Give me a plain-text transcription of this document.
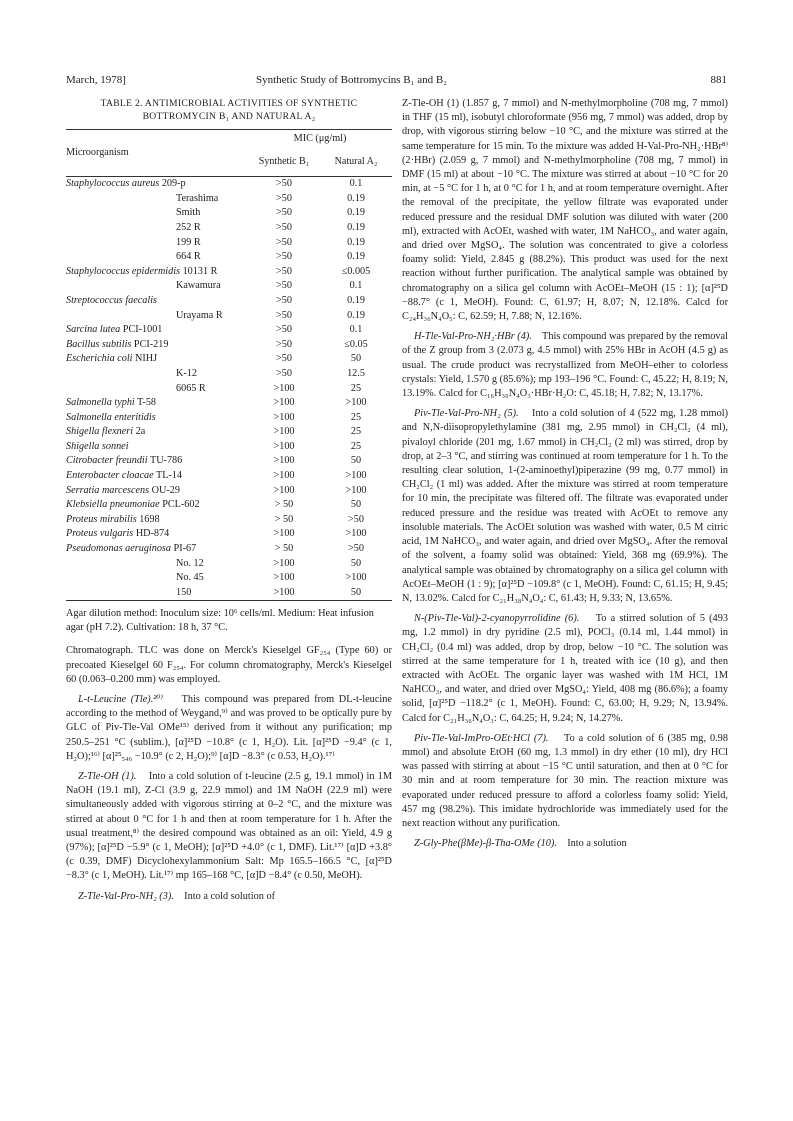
March, 1978]	Synthetic Study of Bottromycins B₁ and B₂	881
TABLE 2. ANTIMICROBIAL ACTIVITIES OF SYNTHETIC
BOTTROMYCIN B₁ AND NATURAL A₂
Microorganism	MIC (μg/ml)	
	Synthetic B₁	Natural A₂
Staphylococcus aureus 209-p	>50	0.1
Terashima	>50	0.19
Smith	>50	0.19
252 R	>50	0.19
199 R	>50	0.19
664 R	>50	0.19
Staphylococcus epidermidis 10131 R	>50	≤0.005
Kawamura	>50	0.1
Streptococcus faecalis	>50	0.19
Urayama R	>50	0.19
Sarcina lutea PCI-1001	>50	0.1
Bacillus subtilis PCI-219	>50	≤0.05
Escherichia coli NIHJ	>50	50
K-12	>50	12.5
6065 R	>100	25
Salmonella typhi T-58	>100	>100
Salmonella enteritidis	>100	25
Shigella flexneri 2a	>100	25
Shigella sonnei	>100	25
Citrobacter freundii TU-786	>100	50
Enterobacter cloacae TL-14	>100	>100
Serratia marcescens OU-29	>100	>100
Klebsiella pneumoniae PCL-602	> 50	50
Proteus mirabilis 1698	> 50	>50
Proteus vulgaris HD-874	>100	>100
Pseudomonas aeruginosa PI-67	> 50	>50
No. 12	>100	50
No. 45	>100	>100
150	>100	50
Agar dilution method: Inoculum size: 10⁶ cells/ml. Medium: Heat infusion agar (pH 7.2). Cultivation: 18 h, 37 °C.

Chromatograph. TLC was done on Merck's Kieselgel GF₂₅₄ (Type 60) or precoated Kieselgel 60 F₂₅₄. For column chromatography, Merck's Kieselgel 60 (0.063–0.200 mm) was employed.

L-t-Leucine (Tle).²⁰⁾ This compound was prepared from DL-t-leucine according to the method of Weygand,⁹⁾ and was proved to be optically pure by GLC of Piv-Tle-Val OMe¹⁵⁾ derived from it without any purification; mp 250.5–251 °C (sublim.), [α]²⁵D −10.8° (c 1, H₂O). Lit. [α]²⁵D −9.4° (c 1, H₂O);¹⁶⁾ [α]²⁵₅₄₆ −10.9° (c 2, H₂O);⁹⁾ [α]D −8.3° (c 0.53, H₂O).¹⁷⁾

Z-Tle-OH (1). Into a cold solution of t-leucine (2.5 g, 19.1 mmol) in 1M NaOH (19.1 ml), Z-Cl (3.9 g, 22.9 mmol) and 1M NaOH (22.9 ml) were simultaneously added with vigorous stirring at 0–2 °C, and the mixture was stirred at about 0 °C for 1 h and then at room temperature for 1 h. After the usual treatment,⁸⁾ the desired compound was obtained as an oil: Yield, 4.9 g (97%); [α]²⁵D −5.9° (c 1, MeOH); [α]²⁵D +4.0° (c 1, DMF). Lit.¹⁷⁾ [α]D +3.8° (c 0.39, DMF) Dicyclohexylammonium Salt: Mp 165.5–166.5 °C, [α]²⁵D −8.3° (c 1, MeOH). Lit.¹⁷⁾ mp 165–168 °C, [α]D −8.4° (c 0.50, MeOH).

Z-Tle-Val-Pro-NH₂ (3). Into a cold solution of

Z-Tle-OH (1) (1.857 g, 7 mmol) and N-methylmorpholine (708 mg, 7 mmol) in THF (15 ml), isobutyl chloroformate (956 mg, 7 mmol) was added, drop by drop, with vigorous stirring below −10 °C, and the mixture was stirred at the same temperature for 15 min. To the mixture was added H-Val-Pro-NH₂·HBr⁸⁾ (2·HBr) (2.059 g, 7 mmol) and N-methylmorpholine (708 mg, 7 mmol) in DMF (15 ml) at about −10 °C. The mixture was stirred at about −10 °C for 20 min, at −5 °C for 1 h, at 0 °C for 1 h, and at room temperature overnight. After the removal of the precipitate, the yellow filtrate was evaporated under reduced pressure and the residual DMF solution was diluted with water (200 ml), extracted with AcOEt, washed with water, 1M NaHCO₃, and water again, and dried over MgSO₄. The solution was concentrated to give a colorless foamy solid: Yield, 2.845 g (88.2%). This product was used for the next reaction without further purification. The analytical sample was obtained by chromatography on a silica gel column with AcOEt–MeOH (15 : 1); [α]²⁵D −88.7° (c 1, MeOH). Found: C, 61.97; H, 8.07; N, 12.18%. Calcd for C₂₄H₃₆N₄O₅: C, 62.59; H, 7.88; N, 12.16%.

H-Tle-Val-Pro-NH₂·HBr (4). This compound was prepared by the removal of the Z group from 3 (2.073 g, 4.5 mmol) with 25% HBr in AcOH (4.5 g) as usual. The crude product was recrystallized from MeOH–ether to colorless crystals: Yield, 1.570 g (85.6%); mp 193–196 °C. Found: C, 45.22; H, 8.19; N, 13.19%. Calcd for C₁₆H₃₀N₄O₃·HBr·H₂O: C, 45.18; H, 7.82; N, 13.17%.

Piv-Tle-Val-Pro-NH₂ (5). Into a cold solution of 4 (522 mg, 1.28 mmol) and N,N-diisopropylethylamine (381 mg, 2.95 mmol) in CH₂Cl₂ (4 ml), pivaloyl chloride (201 mg, 1.67 mmol) in CH₂Cl₂ (2 ml) was stirred, drop by drop, at 2–3 °C, and stirring was continued at room temperature for 1 h. To the resulting clear solution, 1-(2-aminoethyl)piperazine (99 mg, 0.77 mmol) in CH₂Cl₂ (1 ml) was added. After the mixture was stirred at room temperature for 10 min, the precipitate was filtered off. The filtrate was evaporated under reduced pressure and the residue was treated with AcOEt to remove any insoluble materials. The AcOEt solution was washed with water, 0.5 M citric acid, 1M NaHCO₃, and water again, and dried over MgSO₄. After the removal of the solvent, a foamy solid was obtained: Yield, 368 mg (69.9%). The analytical sample was obtained by chromatography on a silica gel column with AcOEt–MeOH (1 : 9); [α]²⁵D −109.8° (c 1, MeOH). Found: C, 61.15; H, 9.45; N, 13.02%. Calcd for C₂₁H₃₈N₄O₄: C, 61.43; H, 9.33; N, 13.65%.

N-(Piv-Tle-Val)-2-cyanopyrrolidine (6). To a stirred solution of 5 (493 mg, 1.2 mmol) in dry pyridine (2.5 ml), POCl₃ (0.14 ml, 1.44 mmol) in CH₂Cl₂ (0.4 ml) was added, drop by drop, below −10 °C. The solution was stirred at the same temperature for 1 h, treated with ice (10 g), and then extracted with AcOEt. The organic layer was washed with 1M HCl, 1M NaHCO₃, and water, and dried over MgSO₄: Yield, 408 mg (86.6%); a foamy solid, [α]²⁵D −118.2° (c 1, MeOH). Found: C, 63.00; H, 9.29; N, 13.94%. Calcd for C₂₁H₃₆N₄O₃: C, 64.25; H, 9.24; N, 14.27%.

Piv-Tle-Val-ImPro-OEt·HCl (7). To a cold solution of 6 (385 mg, 0.98 mmol) and absolute EtOH (60 mg, 1.3 mmol) in dry ether (10 ml), dry HCl was passed with stirring at about −15 °C until saturation, and then at 0 °C for 30 min and at room temperature for 30 min. The reaction mixture was evaporated under reduced pressure to afford a colorless foamy solid: Yield, 457 mg (98.2%). This imidate hydrochloride was immediately used for the next reaction without any purification.

Z-Gly-Phe(βMe)-β-Tha-OMe (10). Into a solution
